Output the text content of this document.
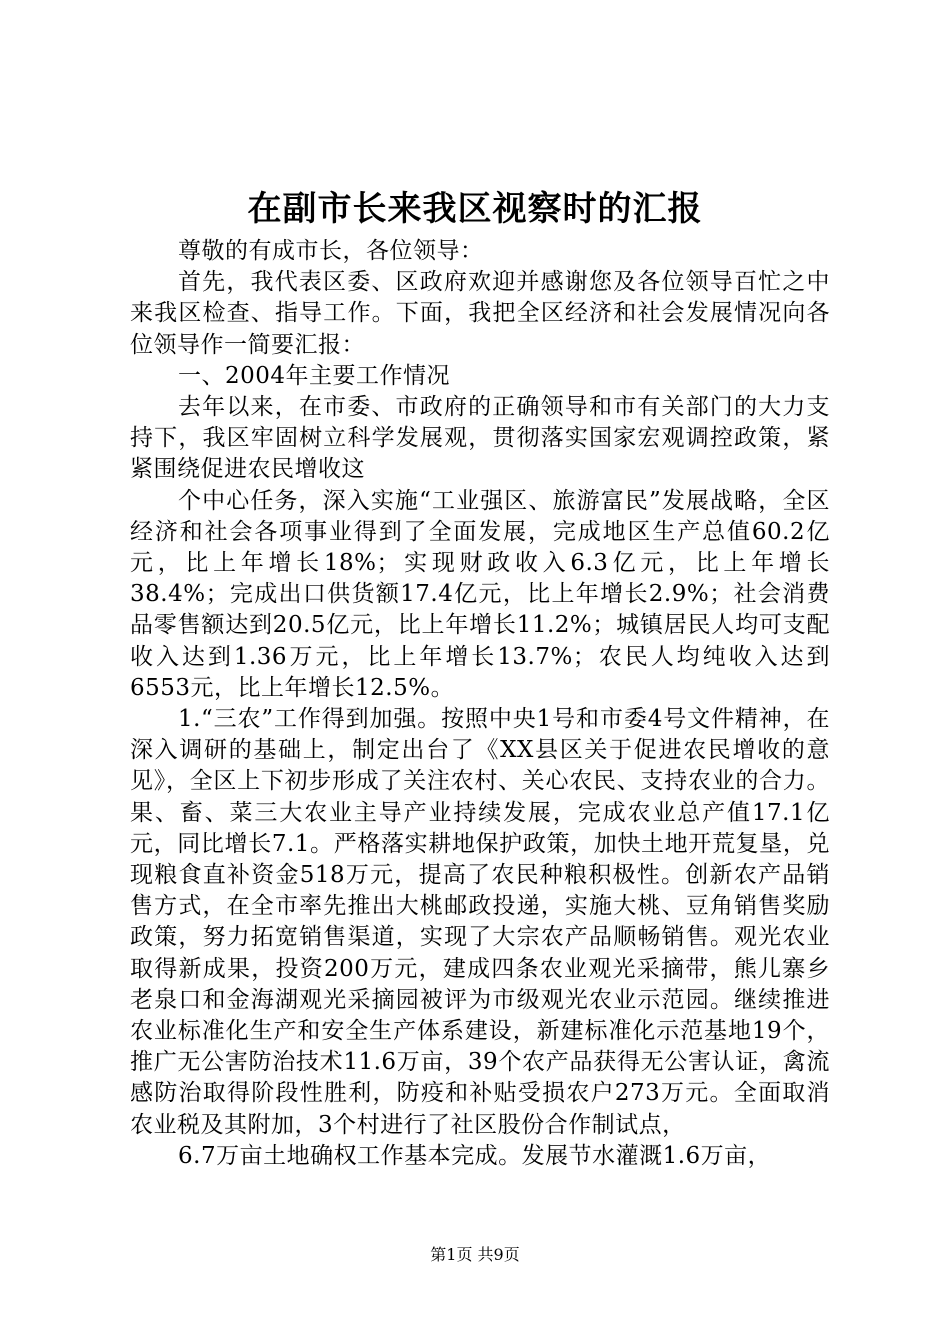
在副市长来我区视察时的汇报

尊敬的有成市长，各位领导：

首先，我代表区委、区政府欢迎并感谢您及各位领导百忙之中来我区检查、指导工作。下面，我把全区经济和社会发展情况向各位领导作一简要汇报：

一、2004年主要工作情况

去年以来，在市委、市政府的正确领导和市有关部门的大力支持下，我区牢固树立科学发展观，贯彻落实国家宏观调控政策，紧紧围绕促进农民增收这

个中心任务，深入实施“工业强区、旅游富民”发展战略，全区经济和社会各项事业得到了全面发展，完成地区生产总值60.2亿元，比上年增长18%；实现财政收入6.3亿元，比上年增长38.4%；完成出口供货额17.4亿元，比上年增长2.9%；社会消费品零售额达到20.5亿元，比上年增长11.2%；城镇居民人均可支配收入达到1.36万元，比上年增长13.7%；农民人均纯收入达到6553元，比上年增长12.5%。

1.“三农”工作得到加强。按照中央1号和市委4号文件精神，在深入调研的基础上，制定出台了《XX县区关于促进农民增收的意见》，全区上下初步形成了关注农村、关心农民、支持农业的合力。果、畜、菜三大农业主导产业持续发展，完成农业总产值17.1亿元，同比增长7.1。严格落实耕地保护政策，加快土地开荒复垦，兑现粮食直补资金518万元，提高了农民种粮积极性。创新农产品销售方式，在全市率先推出大桃邮政投递，实施大桃、豆角销售奖励政策，努力拓宽销售渠道，实现了大宗农产品顺畅销售。观光农业取得新成果，投资200万元，建成四条农业观光采摘带，熊儿寨乡老泉口和金海湖观光采摘园被评为市级观光农业示范园。继续推进农业标准化生产和安全生产体系建设，新建标准化示范基地19个，推广无公害防治技术11.6万亩，39个农产品获得无公害认证，禽流感防治取得阶段性胜利，防疫和补贴受损农户273万元。全面取消农业税及其附加，3个村进行了社区股份合作制试点，

6.7万亩土地确权工作基本完成。发展节水灌溉1.6万亩，

第1页 共9页
